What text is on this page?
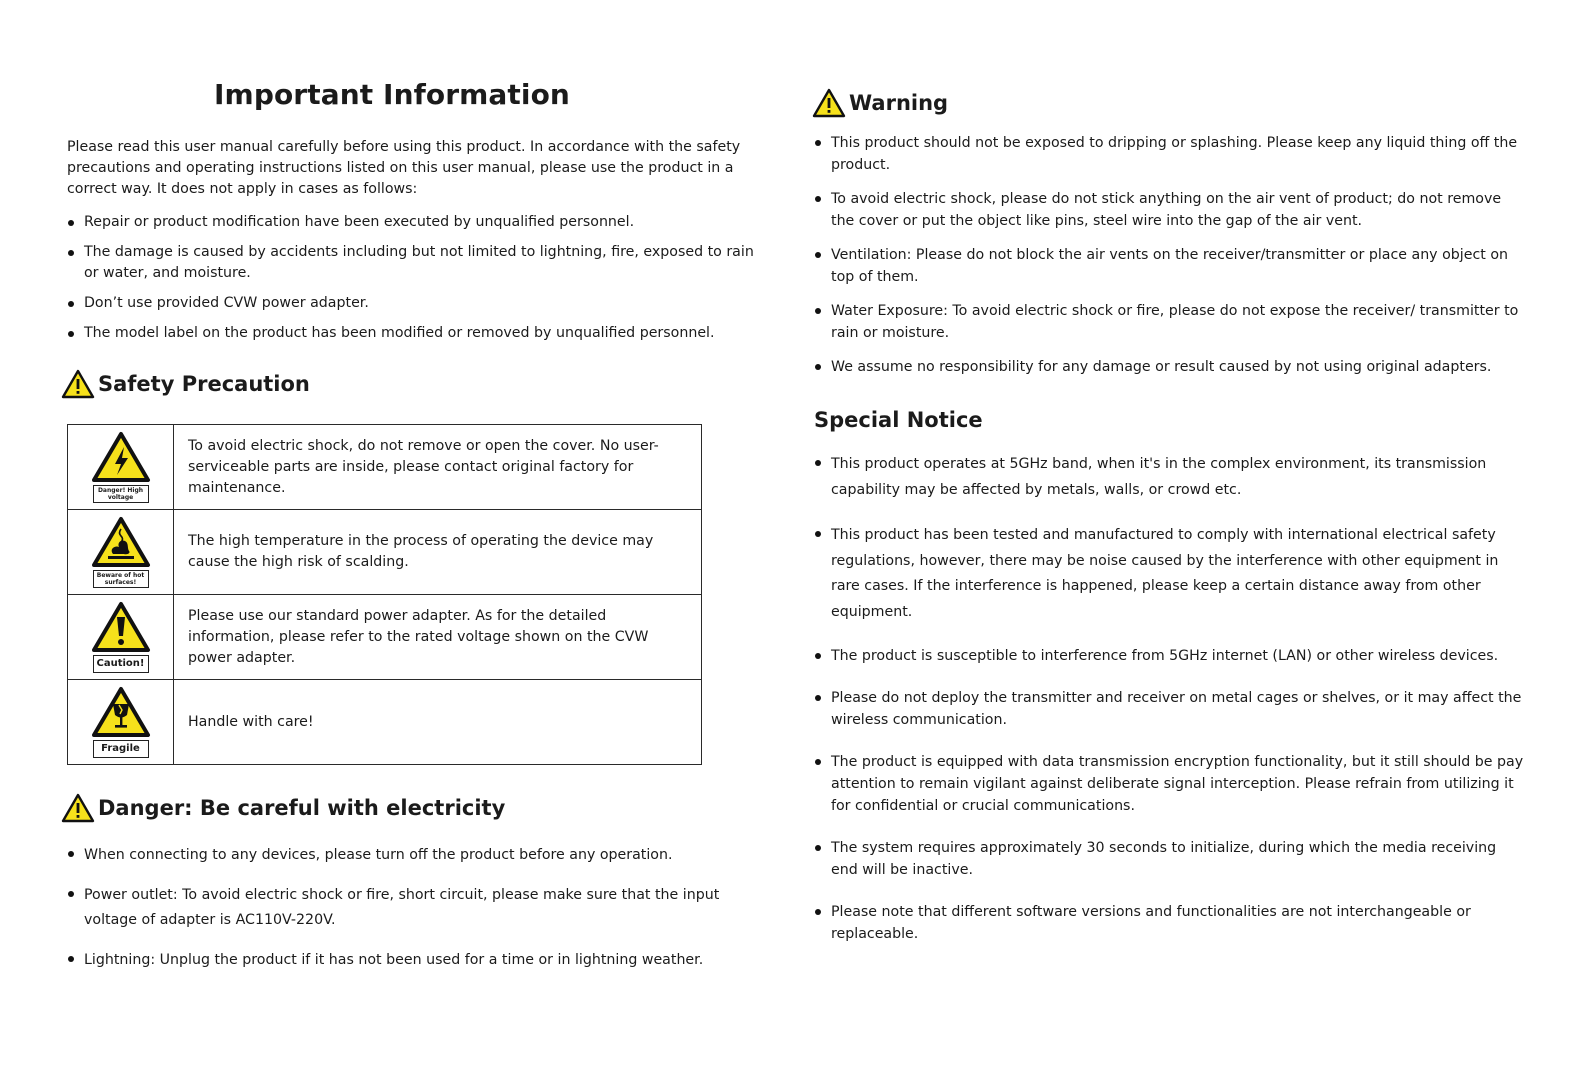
Important Information

Please read this user manual carefully before using this product. In accordance with the safety precautions and operating instructions listed on this user manual, please use the product in a correct way. It does not apply in cases as follows:

Repair or product modification have been executed by unqualified personnel.
The damage is caused by accidents including but not limited to lightning, fire, exposed to rain or water, and moisture.
Don’t use provided CVW power adapter.
The model label on the product has been modified or removed by unqualified personnel.
Safety Precaution
Danger! High voltage	To avoid electric shock, do not remove or open the cover. No user-serviceable parts are inside, please contact original factory for maintenance.

Beware of hot surfaces!	The high temperature in the process of operating the device may cause the high risk of scalding.

Caution!	Please use our standard power adapter. As for the detailed information, please refer to the rated voltage shown on the CVW power adapter.

Fragile	Handle with care!
Danger: Be careful with electricity
When connecting to any devices, please turn off the product before any operation.
Power outlet: To avoid electric shock or fire, short circuit, please make sure that the input voltage of adapter is AC110V-220V.
Lightning: Unplug the product if it has not been used for a time or in lightning weather.
Warning
This product should not be exposed to dripping or splashing. Please keep any liquid thing off the product.
To avoid electric shock, please do not stick anything on the air vent of product; do not remove the cover or put the object like pins, steel wire into the gap of the air vent.
Ventilation: Please do not block the air vents on the receiver/transmitter or place any object on top of them.
Water Exposure: To avoid electric shock or fire, please do not expose the receiver/ transmitter to rain or moisture.
We assume no responsibility for any damage or result caused by not using original adapters.
Special Notice
This product operates at 5GHz band, when it's in the complex environment, its transmission capability may be affected by metals, walls, or crowd etc.
This product has been tested and manufactured to comply with international electrical safety regulations, however, there may be noise caused by the interference with other equipment in rare cases. If the interference is happened, please keep a certain distance away from other equipment.
The product is susceptible to interference from 5GHz internet (LAN) or other wireless devices.
Please do not deploy the transmitter and receiver on metal cages or shelves, or it may affect the wireless communication.
The product is equipped with data transmission encryption functionality, but it still should be pay attention to remain vigilant against deliberate signal interception. Please refrain from utilizing it for confidential or crucial communications.
The system requires approximately 30 seconds to initialize, during which the media receiving end will be inactive.
Please note that different software versions and functionalities are not interchangeable or replaceable.
